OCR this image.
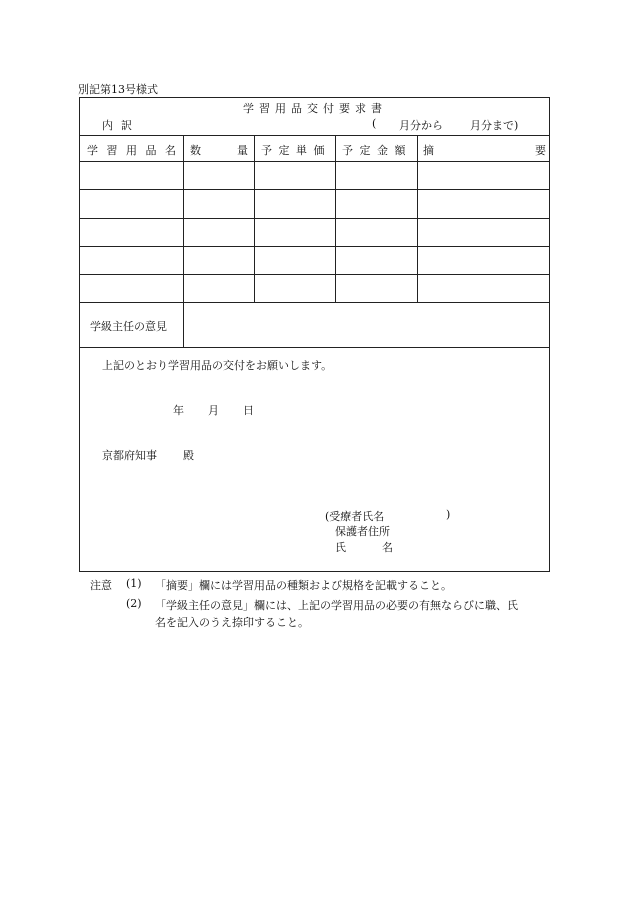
別記第13号様式
学習用品交付要求書
内訳	( 月分から 月分まで)
学習用品名 数	量 予定単価 予定金額 摘	要
学級主任の意見
上記のとおり学習用品の交付をお願いします。
年 月 日
京都府知事 殿
(受療者氏名	)
保護者住所
氏	名
注意 (1) 「摘要」欄には学習用品の種類および規格を記載すること。
(2) 「学級主任の意見」欄には、上記の学習用品の必要の有無ならびに職、氏
名を記入のうえ捺印すること。
